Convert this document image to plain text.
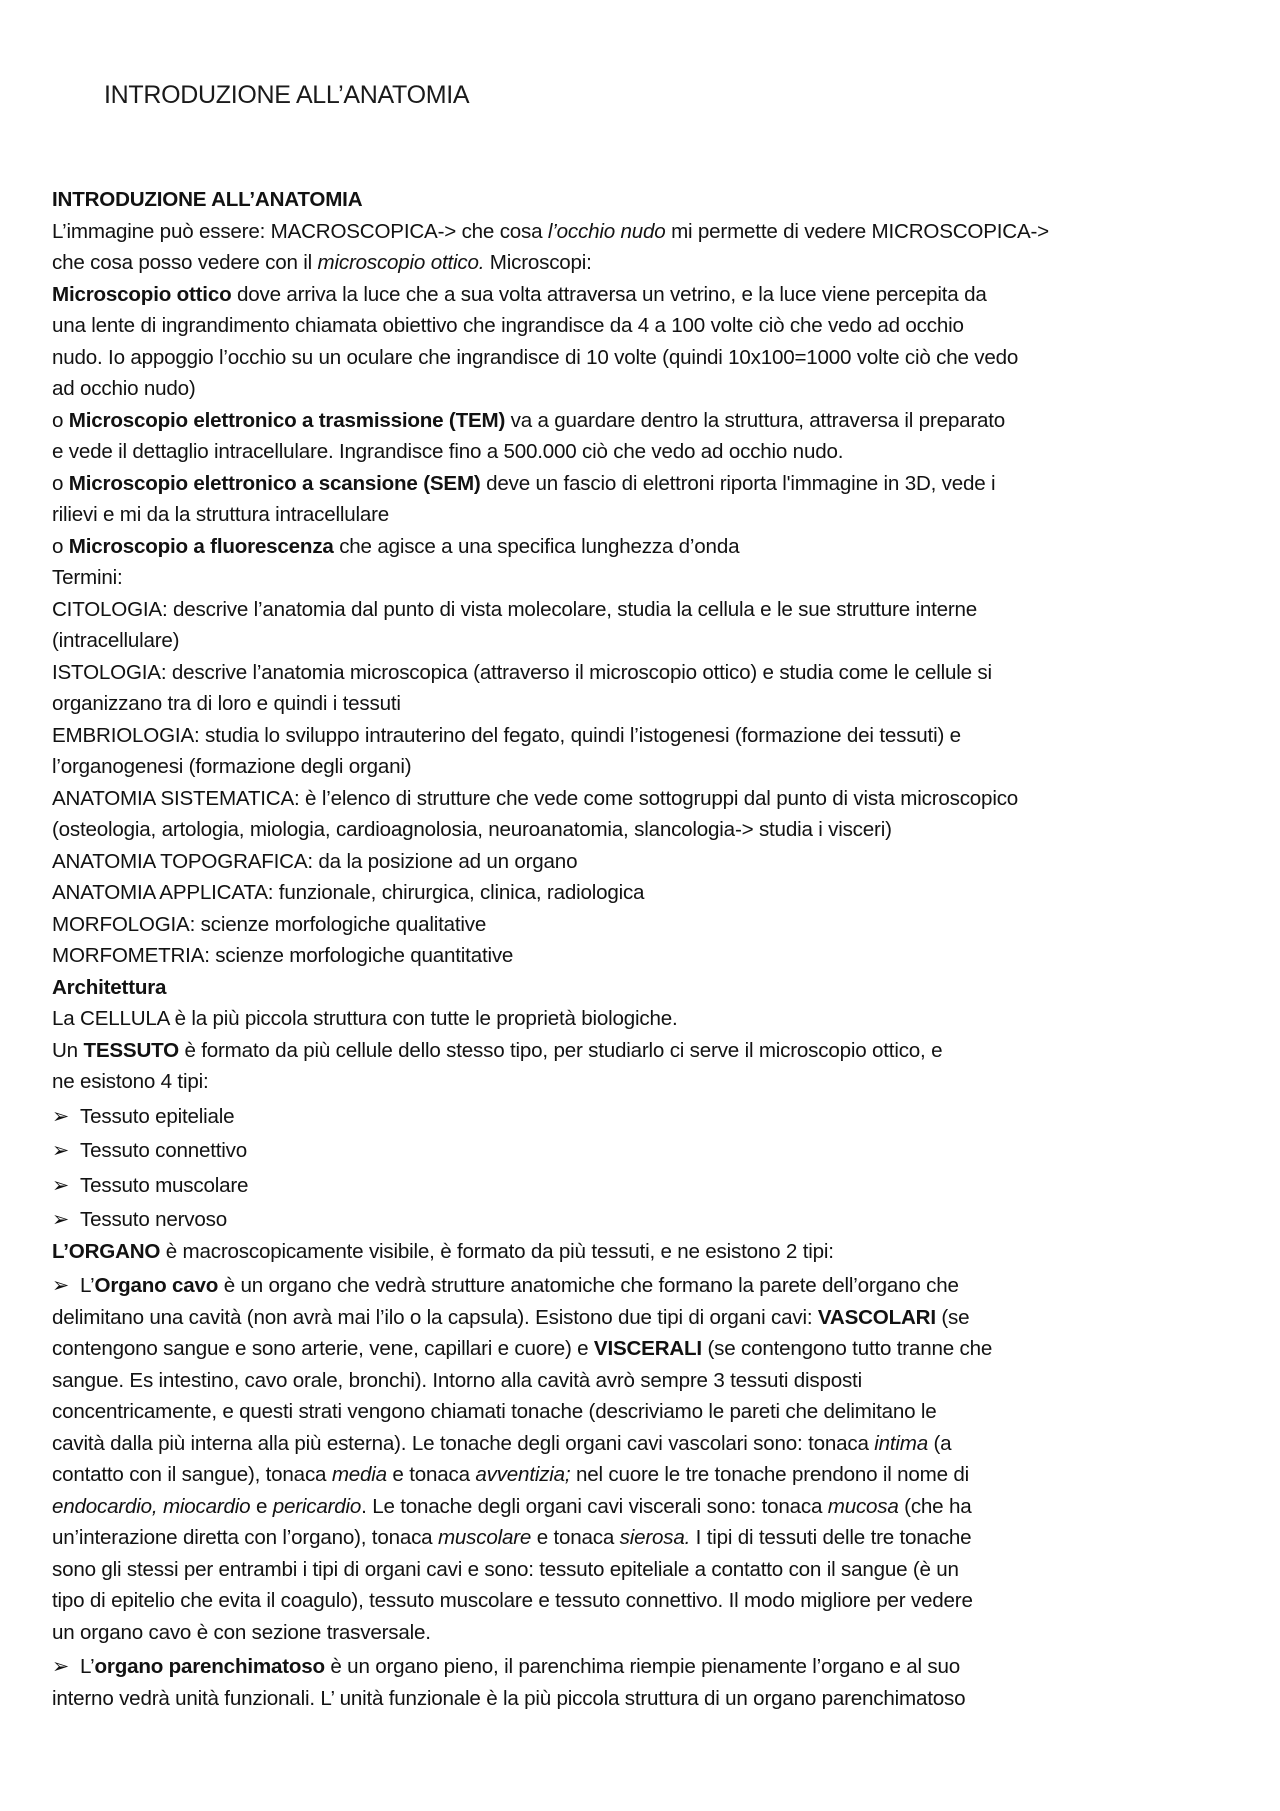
INTRODUZIONE ALL’ANATOMIA
INTRODUZIONE ALL’ANATOMIA
L’immagine può essere: MACROSCOPICA-> che cosa l’occhio nudo mi permette di vedere MICROSCOPICA->
che cosa posso vedere con il microscopio ottico. Microscopi:
Microscopio ottico dove arriva la luce che a sua volta attraversa un vetrino, e la luce viene percepita da
una lente di ingrandimento chiamata obiettivo che ingrandisce da 4 a 100 volte ciò che vedo ad occhio
nudo. Io appoggio l’occhio su un oculare che ingrandisce di 10 volte (quindi 10x100=1000 volte ciò che vedo
ad occhio nudo)
o Microscopio elettronico a trasmissione (TEM) va a guardare dentro la struttura, attraversa il preparato
e vede il dettaglio intracellulare. Ingrandisce fino a 500.000 ciò che vedo ad occhio nudo.
o Microscopio elettronico a scansione (SEM) deve un fascio di elettroni riporta l'immagine in 3D, vede i
rilievi e mi da la struttura intracellulare
o Microscopio a fluorescenza che agisce a una specifica lunghezza d’onda
Termini:
CITOLOGIA: descrive l’anatomia dal punto di vista molecolare, studia la cellula e le sue strutture interne
(intracellulare)
ISTOLOGIA: descrive l’anatomia microscopica (attraverso il microscopio ottico) e studia come le cellule si
organizzano tra di loro e quindi i tessuti
EMBRIOLOGIA: studia lo sviluppo intrauterino del fegato, quindi l’istogenesi (formazione dei tessuti) e
l’organogenesi (formazione degli organi)
ANATOMIA SISTEMATICA: è l’elenco di strutture che vede come sottogruppi dal punto di vista microscopico
(osteologia, artologia, miologia, cardioagnolosia, neuroanatomia, slancologia-> studia i visceri)
ANATOMIA TOPOGRAFICA: da la posizione ad un organo
ANATOMIA APPLICATA: funzionale, chirurgica, clinica, radiologica
MORFOLOGIA: scienze morfologiche qualitative
MORFOMETRIA: scienze morfologiche quantitative
Architettura
La CELLULA è la più piccola struttura con tutte le proprietà biologiche.
Un TESSUTO è formato da più cellule dello stesso tipo, per studiarlo ci serve il microscopio ottico, e
ne esistono 4 tipi:
➢Tessuto epiteliale
➢Tessuto connettivo
➢Tessuto muscolare
➢Tessuto nervoso
L’ORGANO è macroscopicamente visibile, è formato da più tessuti, e ne esistono 2 tipi:
➢L’Organo cavo è un organo che vedrà strutture anatomiche che formano la parete dell’organo che
delimitano una cavità (non avrà mai l’ilo o la capsula). Esistono due tipi di organi cavi: VASCOLARI (se
contengono sangue e sono arterie, vene, capillari e cuore) e VISCERALI (se contengono tutto tranne che
sangue. Es intestino, cavo orale, bronchi). Intorno alla cavità avrò sempre 3 tessuti disposti
concentricamente, e questi strati vengono chiamati tonache (descriviamo le pareti che delimitano le
cavità dalla più interna alla più esterna). Le tonache degli organi cavi vascolari sono: tonaca intima (a
contatto con il sangue), tonaca media e tonaca avventizia; nel cuore le tre tonache prendono il nome di
endocardio, miocardio e pericardio. Le tonache degli organi cavi viscerali sono: tonaca mucosa (che ha
un’interazione diretta con l’organo), tonaca muscolare e tonaca sierosa. I tipi di tessuti delle tre tonache
sono gli stessi per entrambi i tipi di organi cavi e sono: tessuto epiteliale a contatto con il sangue (è un
tipo di epitelio che evita il coagulo), tessuto muscolare e tessuto connettivo. Il modo migliore per vedere
un organo cavo è con sezione trasversale.
➢L’organo parenchimatoso è un organo pieno, il parenchima riempie pienamente l’organo e al suo
interno vedrà unità funzionali. L’ unità funzionale è la più piccola struttura di un organo parenchimatoso
